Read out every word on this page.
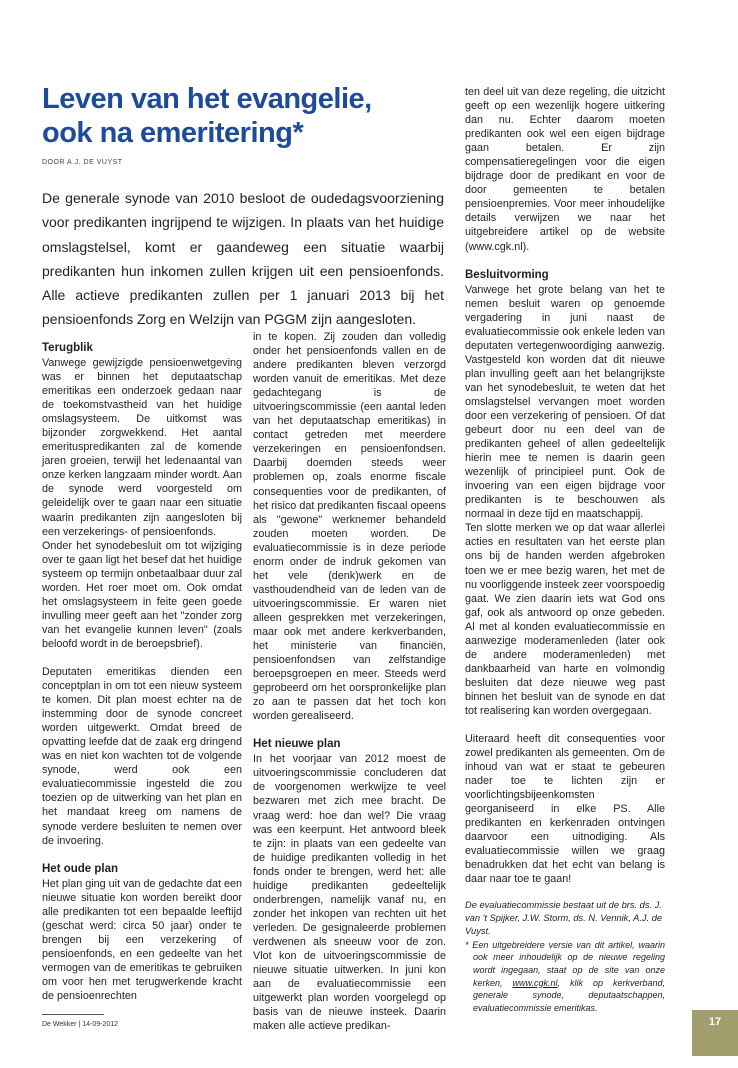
Leven van het evangelie,
ook na emeritering*
DOOR A.J. DE VUYST

De generale synode van 2010 besloot de oudedagsvoorziening voor predikanten ingrijpend te wijzigen. In plaats van het huidige omslagstelsel, komt er gaandeweg een situatie waarbij predikanten hun inkomen zullen krijgen uit een pensioenfonds. Alle actieve predikanten zullen per 1 januari 2013 bij het pensioenfonds Zorg en Welzijn van PGGM zijn aangesloten.

Terugblik

Vanwege gewijzigde pensioenwetgeving was er binnen het deputaatschap emeritikas een onderzoek gedaan naar de toekomstvastheid van het huidige omslagsysteem. De uitkomst was bijzonder zorgwekkend. Het aantal emerituspredikanten zal de komende jaren groeien, terwijl het ledenaantal van onze kerken langzaam minder wordt. Aan de synode werd voorgesteld om geleidelijk over te gaan naar een situatie waarin predikanten zijn aangesloten bij een verzekerings- of pensioenfonds.

Onder het synodebesluit om tot wijziging over te gaan ligt het besef dat het huidige systeem op termijn onbetaalbaar duur zal worden. Het roer moet om. Ook omdat het omslagsysteem in feite geen goede invulling meer geeft aan het "zonder zorg van het evangelie kunnen leven" (zoals beloofd wordt in de beroepsbrief).

Deputaten emeritikas dienden een conceptplan in om tot een nieuw systeem te komen. Dit plan moest echter na de instemming door de synode concreet worden uitgewerkt. Omdat breed de opvatting leefde dat de zaak erg dringend was en niet kon wachten tot de volgende synode, werd ook een evaluatiecommissie ingesteld die zou toezien op de uitwerking van het plan en het mandaat kreeg om namens de synode verdere besluiten te nemen over de invoering.

Het oude plan

Het plan ging uit van de gedachte dat een nieuwe situatie kon worden bereikt door alle predikanten tot een bepaalde leeftijd (geschat werd: circa 50 jaar) onder te brengen bij een verzekering of pensioenfonds, en een gedeelte van het vermogen van de emeritikas te gebruiken om voor hen met terugwerkende kracht de pensioenrechten

in te kopen. Zij zouden dan volledig onder het pensioenfonds vallen en de andere predikanten bleven verzorgd worden vanuit de emeritikas. Met deze gedachtegang is de uitvoeringscommissie (een aantal leden van het deputaatschap emeritikas) in contact getreden met meerdere verzekeringen en pensioenfondsen. Daarbij doemden steeds weer problemen op, zoals enorme fiscale consequenties voor de predikanten, of het risico dat predikanten fiscaal opeens als "gewone" werknemer behandeld zouden moeten worden. De evaluatiecommissie is in deze periode enorm onder de indruk gekomen van het vele (denk)werk en de vasthoudendheid van de leden van de uitvoeringscommissie. Er waren niet alleen gesprekken met verzekeringen, maar ook met andere kerkverbanden, het ministerie van financiën, pensioenfondsen van zelfstandige beroepsgroepen en meer. Steeds werd geprobeerd om het oorspronkelijke plan zo aan te passen dat het toch kon worden gerealiseerd.

Het nieuwe plan

In het voorjaar van 2012 moest de uitvoeringscommissie concluderen dat de voorgenomen werkwijze te veel bezwaren met zich mee bracht. De vraag werd: hoe dan wel? Die vraag was een keerpunt. Het antwoord bleek te zijn: in plaats van een gedeelte van de huidige predikanten volledig in het fonds onder te brengen, werd het: alle huidige predikanten gedeeltelijk onderbrengen, namelijk vanaf nu, en zonder het inkopen van rechten uit het verleden. De gesignaleerde problemen verdwenen als sneeuw voor de zon. Vlot kon de uitvoeringscommissie de nieuwe situatie uitwerken. In juni kon aan de evaluatiecommissie een uitgewerkt plan worden voorgelegd op basis van de nieuwe insteek. Daarin maken alle actieve predikan-

ten deel uit van deze regeling, die uitzicht geeft op een wezenlijk hogere uitkering dan nu. Echter daarom moeten predikanten ook wel een eigen bijdrage gaan betalen. Er zijn compensatieregelingen voor die eigen bijdrage door de predikant en voor de door gemeenten te betalen pensioenpremies. Voor meer inhoudelijke details verwijzen we naar het uitgebreidere artikel op de website (www.cgk.nl).

Besluitvorming

Vanwege het grote belang van het te nemen besluit waren op genoemde vergadering in juni naast de evaluatiecommissie ook enkele leden van deputaten vertegenwoordiging aanwezig. Vastgesteld kon worden dat dit nieuwe plan invulling geeft aan het belangrijkste van het synodebesluit, te weten dat het omslagstelsel vervangen moet worden door een verzekering of pensioen. Of dat gebeurt door nu een deel van de predikanten geheel of allen gedeeltelijk hierin mee te nemen is daarin geen wezenlijk of principieel punt. Ook de invoering van een eigen bijdrage voor predikanten is te beschouwen als normaal in deze tijd en maatschappij.

Ten slotte merken we op dat waar allerlei acties en resultaten van het eerste plan ons bij de handen werden afgebroken toen we er mee bezig waren, het met de nu voorliggende insteek zeer voorspoedig gaat. We zien daarin iets wat God ons gaf, ook als antwoord op onze gebeden. Al met al konden evaluatiecommissie en aanwezige moderamenleden (later ook de andere moderamenleden) met dankbaarheid van harte en volmondig besluiten dat deze nieuwe weg past binnen het besluit van de synode en dat tot realisering kan worden overgegaan.

Uiteraard heeft dit consequenties voor zowel predikanten als gemeenten. Om de inhoud van wat er staat te gebeuren nader toe te lichten zijn er voorlichtingsbijeenkomsten georganiseerd in elke PS. Alle predikanten en kerkenraden ontvingen daarvoor een uitnodiging. Als evaluatiecommissie willen we graag benadrukken dat het echt van belang is daar naar toe te gaan!

De evaluatiecommissie bestaat uit de brs. ds. J. van 't Spijker, J.W. Storm, ds. N. Vennik, A.J. de Vuyst.

* Een uitgebreidere versie van dit artikel, waarin ook meer inhoudelijk op de nieuwe regeling wordt ingegaan, staat op de site van onze kerken, www.cgk.nl, klik op kerkverband, generale synode, deputaatschappen, evaluatiecommissie emeritikas.

De Wekker | 14-09-2012	17
